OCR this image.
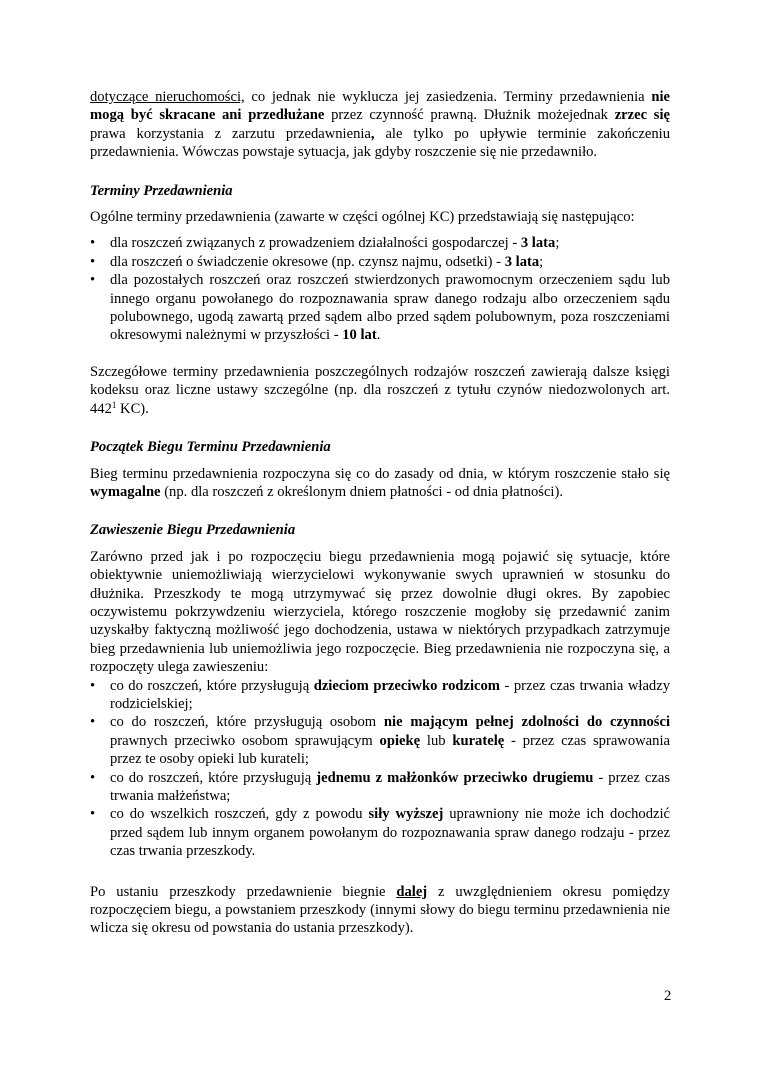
dotyczące nieruchomości, co jednak nie wyklucza jej zasiedzenia. Terminy przedawnienia nie mogą być skracane ani przedłużane przez czynność prawną. Dłużnik możejednak zrzec się prawa korzystania z zarzutu przedawnienia, ale tylko po upływie terminie zakończeniu przedawnienia. Wówczas powstaje sytuacja, jak gdyby roszczenie się nie przedawniło.

Terminy Przedawnienia

Ogólne terminy przedawnienia (zawarte w części ogólnej KC) przedstawiają się następująco:

• dla roszczeń związanych z prowadzeniem działalności gospodarczej - 3 lata;
• dla roszczeń o świadczenie okresowe (np. czynsz najmu, odsetki) - 3 lata;
• dla pozostałych roszczeń oraz roszczeń stwierdzonych prawomocnym orzeczeniem sądu lub innego organu powołanego do rozpoznawania spraw danego rodzaju albo orzeczeniem sądu polubownego, ugodą zawartą przed sądem albo przed sądem polubownym, poza roszczeniami okresowymi należnymi w przyszłości - 10 lat.

Szczegółowe terminy przedawnienia poszczególnych rodzajów roszczeń zawierają dalsze księgi kodeksu oraz liczne ustawy szczególne (np. dla roszczeń z tytułu czynów niedozwolonych art. $442^1$ KC).

Początek Biegu Terminu Przedawnienia

Bieg terminu przedawnienia rozpoczyna się co do zasady od dnia, w którym roszczenie stało się wymagalne (np. dla roszczeń z określonym dniem płatności - od dnia płatności).

Zawieszenie Biegu Przedawnienia

Zarówno przed jak i po rozpoczęciu biegu przedawnienia mogą pojawić się sytuacje, które obiektywnie uniemożliwiają wierzycielowi wykonywanie swych uprawnień w stosunku do dłużnika. Przeszkody te mogą utrzymywać się przez dowolnie długi okres. By zapobiec oczywistemu pokrzywdzeniu wierzyciela, którego roszczenie mogłoby się przedawnić zanim uzyskałby faktyczną możliwość jego dochodzenia, ustawa w niektórych przypadkach zatrzymuje bieg przedawnienia lub uniemożliwia jego rozpoczęcie. Bieg przedawnienia nie rozpoczyna się, a rozpoczęty ulega zawieszeniu:

• co do roszczeń, które przysługują dzieciom przeciwko rodzicom - przez czas trwania władzy rodzicielskiej;
• co do roszczeń, które przysługują osobom nie mającym pełnej zdolności do czynności prawnych przeciwko osobom sprawującym opiekę lub kuratelę - przez czas sprawowania przez te osoby opieki lub kurateli;
• co do roszczeń, które przysługują jednemu z małżonków przeciwko drugiemu - przez czas trwania małżeństwa;
• co do wszelkich roszczeń, gdy z powodu siły wyższej uprawniony nie może ich dochodzić przed sądem lub innym organem powołanym do rozpoznawania spraw danego rodzaju - przez czas trwania przeszkody.

Po ustaniu przeszkody przedawnienie biegnie dalej z uwzględnieniem okresu pomiędzy rozpoczęciem biegu, a powstaniem przeszkody (innymi słowy do biegu terminu przedawnienia nie wlicza się okresu od powstania do ustania przeszkody).

2
